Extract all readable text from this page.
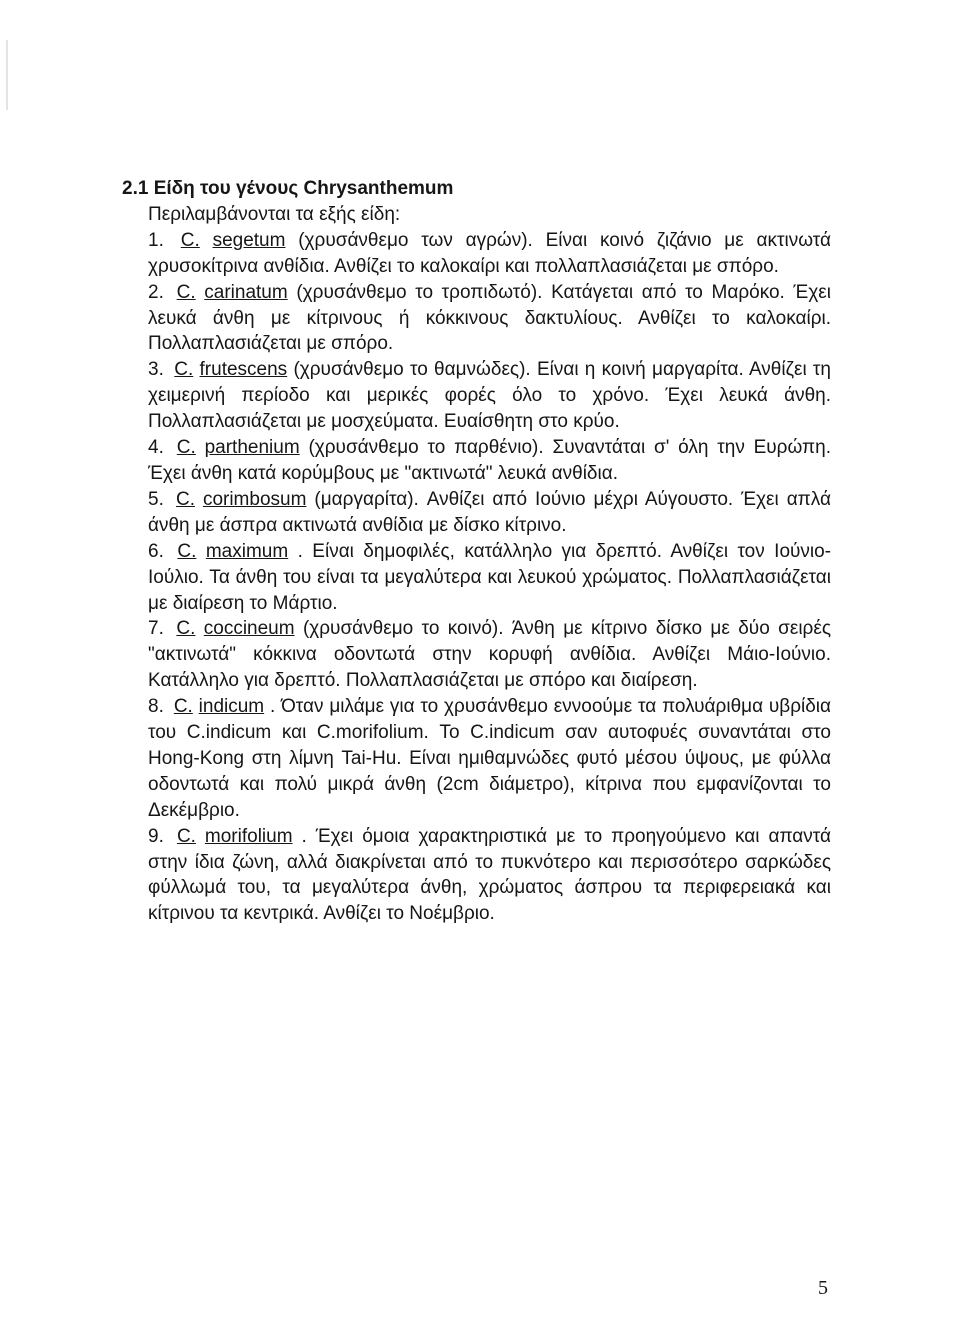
2.1 Είδη του γένους Chrysanthemum

Περιλαμβάνονται τα εξής είδη:

1. C. segetum (χρυσάνθεμο των αγρών). Είναι κοινό ζιζάνιο με ακτινωτά χρυσοκίτρινα ανθίδια. Ανθίζει το καλοκαίρι και πολλαπλασιάζεται με σπόρο.
2. C. carinatum (χρυσάνθεμο το τροπιδωτό). Κατάγεται από το Μαρόκο. Έχει λευκά άνθη με κίτρινους ή κόκκινους δακτυλίους. Ανθίζει το καλοκαίρι. Πολλαπλασιάζεται με σπόρο.
3. C. frutescens (χρυσάνθεμο το θαμνώδες). Είναι η κοινή μαργαρίτα. Ανθίζει τη χειμερινή περίοδο και μερικές φορές όλο το χρόνο. Έχει λευκά άνθη. Πολλαπλασιάζεται με μοσχεύματα. Ευαίσθητη στο κρύο.
4. C. parthenium (χρυσάνθεμο το παρθένιο). Συναντάται σ' όλη την Ευρώπη. Έχει άνθη κατά κορύμβους με "ακτινωτά" λευκά ανθίδια.
5. C. corimbosum (μαργαρίτα). Ανθίζει από Ιούνιο μέχρι Αύγουστο. Έχει απλά άνθη με άσπρα ακτινωτά ανθίδια με δίσκο κίτρινο.
6. C. maximum . Είναι δημοφιλές, κατάλληλο για δρεπτό. Ανθίζει τον Ιούνιο-Ιούλιο. Τα άνθη του είναι τα μεγαλύτερα και λευκού χρώματος. Πολλαπλασιάζεται με διαίρεση το Μάρτιο.
7. C. coccineum (χρυσάνθεμο το κοινό). Άνθη με κίτρινο δίσκο με δύο σειρές "ακτινωτά" κόκκινα οδοντωτά στην κορυφή ανθίδια. Ανθίζει Μάιο-Ιούνιο. Κατάλληλο για δρεπτό. Πολλαπλασιάζεται με σπόρο και διαίρεση.
8. C. indicum . Όταν μιλάμε για το χρυσάνθεμο εννοούμε τα πολυάριθμα υβρίδια του C.indicum και C.morifolium. Το C.indicum σαν αυτοφυές συναντάται στο Hong-Kong στη λίμνη Tai-Hu. Είναι ημιθαμνώδες φυτό μέσου ύψους, με φύλλα οδοντωτά και πολύ μικρά άνθη (2cm διάμετρο), κίτρινα που εμφανίζονται το Δεκέμβριο.
9. C. morifolium . Έχει όμοια χαρακτηριστικά με το προηγούμενο και απαντά στην ίδια ζώνη, αλλά διακρίνεται από το πυκνότερο και περισσότερο σαρκώδες φύλλωμά του, τα μεγαλύτερα άνθη, χρώματος άσπρου τα περιφερειακά και κίτρινου τα κεντρικά. Ανθίζει το Νοέμβριο.
5
